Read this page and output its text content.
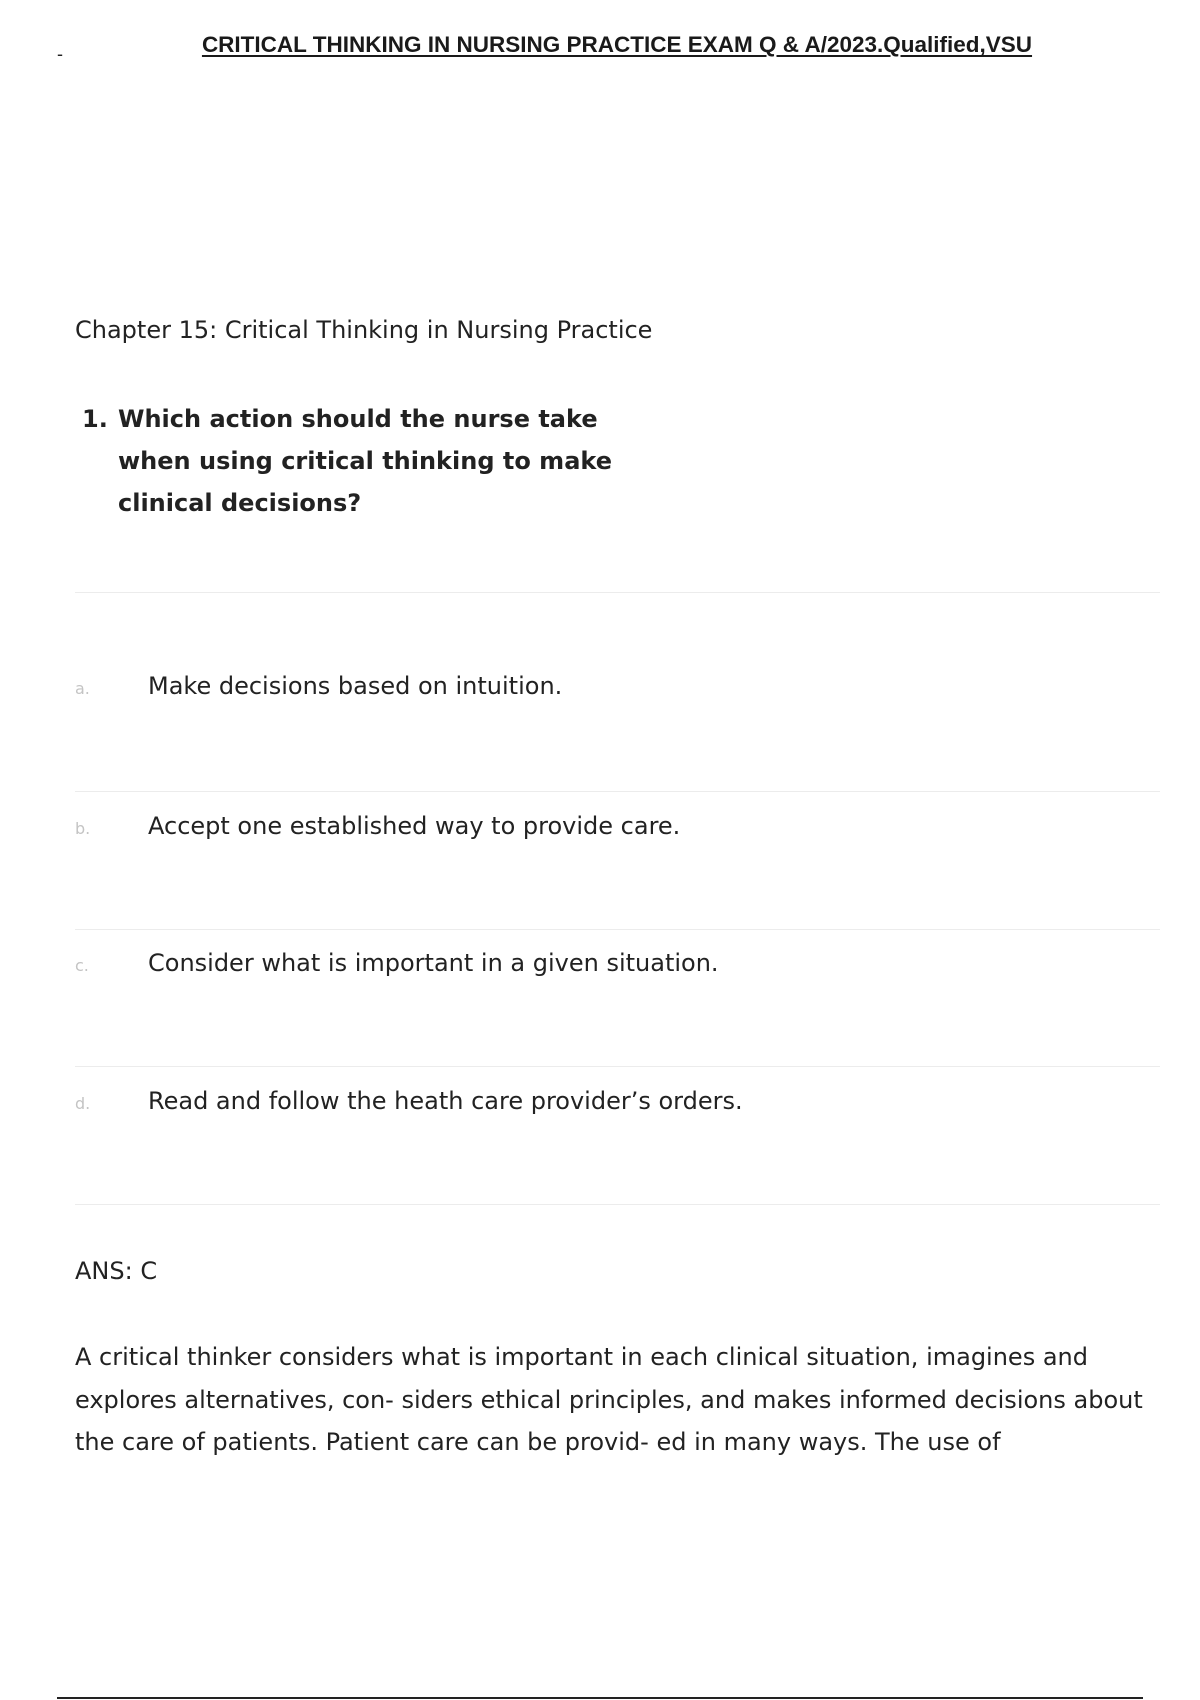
-	CRITICAL THINKING IN NURSING PRACTICE EXAM Q & A/2023.Qualified,VSU
Chapter 15: Critical Thinking in Nursing Practice
1. Which action should the nurse take when using critical thinking to make clinical decisions?
a.	Make decisions based on intuition.
b.	Accept one established way to provide care.
c.	Consider what is important in a given situation.
d.	Read and follow the heath care provider’s orders.
ANS: C
A critical thinker considers what is important in each clinical situation, imagines and explores alternatives, con- siders ethical principles, and makes informed decisions about the care of patients. Patient care can be provid- ed in many ways. The use of
